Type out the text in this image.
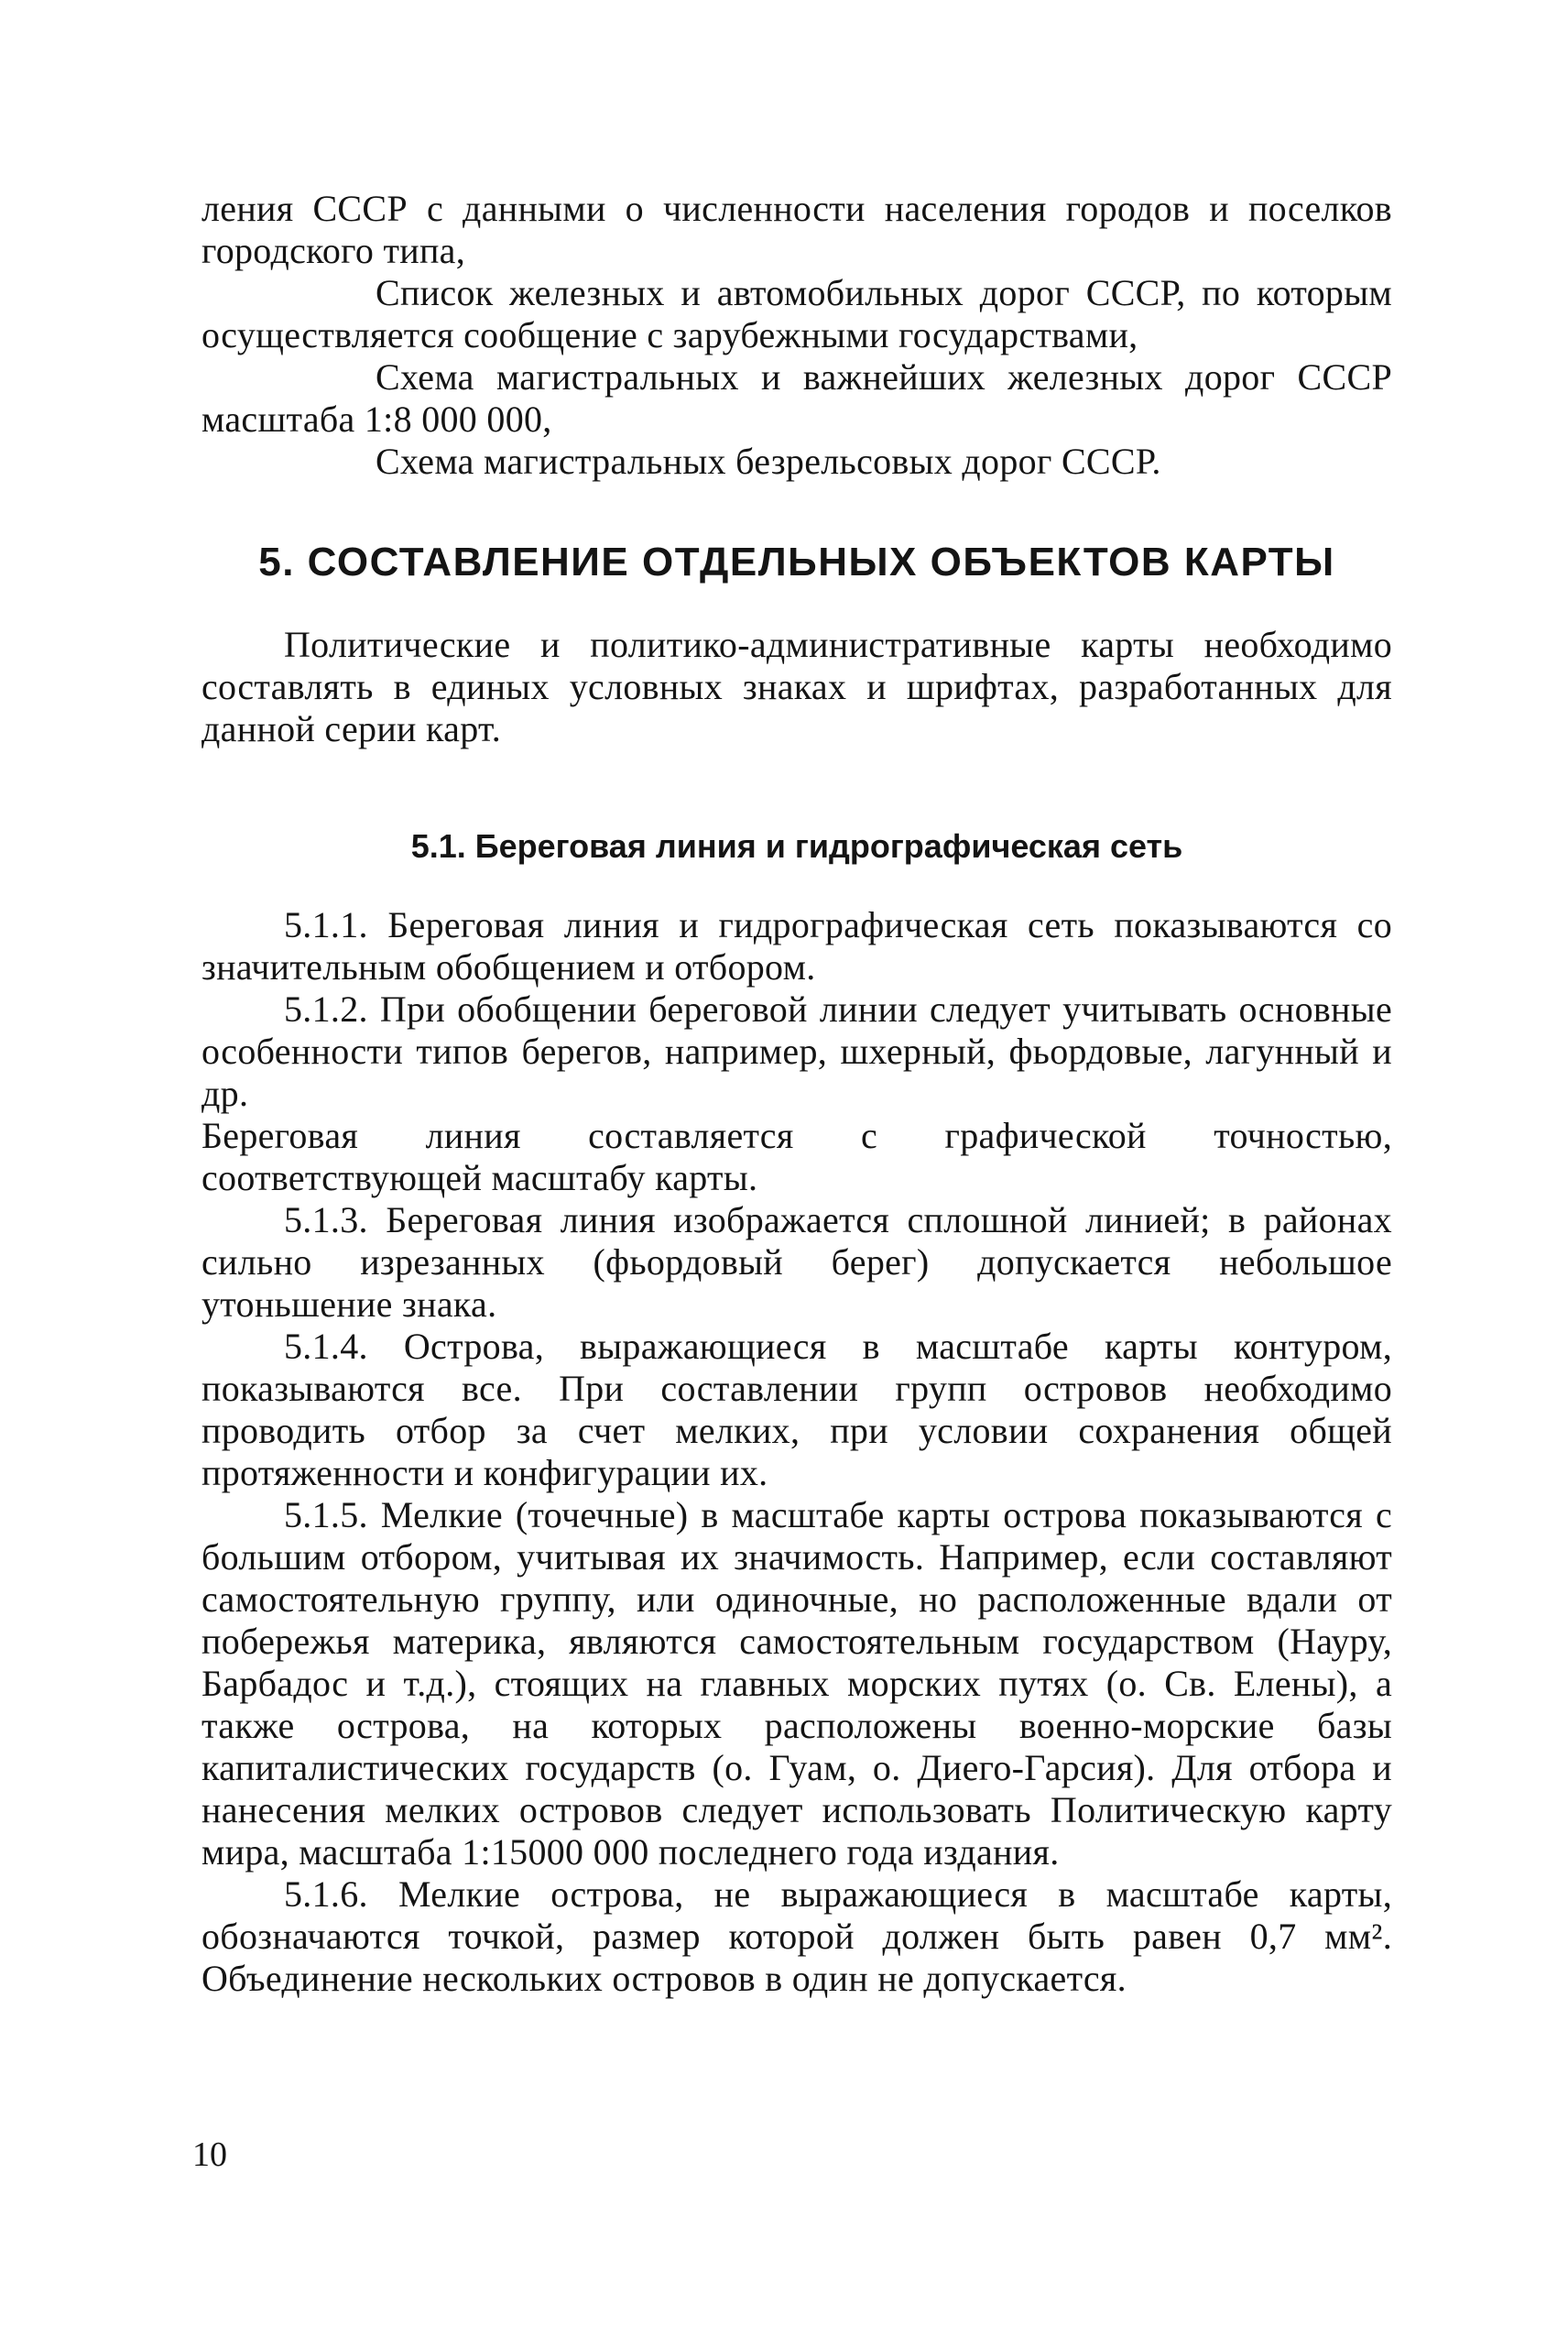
ления СССР с данными о численности населения городов и поселков городского типа,

Список железных и автомобильных дорог СССР, по которым осуществляется сообщение с зарубежными государствами,

Схема магистральных и важнейших железных дорог СССР масштаба 1:8 000 000,

Схема магистральных безрельсовых дорог СССР.

5. СОСТАВЛЕНИЕ ОТДЕЛЬНЫХ ОБЪЕКТОВ КАРТЫ

Политические и политико-административные карты необходимо составлять в единых условных знаках и шрифтах, разработанных для данной серии карт.

5.1. Береговая линия и гидрографическая сеть

5.1.1. Береговая линия и гидрографическая сеть показываются со значительным обобщением и отбором.

5.1.2. При обобщении береговой линии следует учитывать основные особенности типов берегов, например, шхерный, фьордовые, лагунный и др.

Береговая линия составляется с графической точностью, соответствующей масштабу карты.

5.1.3. Береговая линия изображается сплошной линией; в районах сильно изрезанных (фьордовый берег) допускается небольшое утоньшение знака.

5.1.4. Острова, выражающиеся в масштабе карты контуром, показываются все. При составлении групп островов необходимо проводить отбор за счет мелких, при условии сохранения общей протяженности и конфигурации их.

5.1.5. Мелкие (точечные) в масштабе карты острова показываются с большим отбором, учитывая их значимость. Например, если составляют самостоятельную группу, или одиночные, но расположенные вдали от побережья материка, являются самостоятельным государством (Науру, Барбадос и т.д.), стоящих на главных морских путях (о. Св. Елены), а также острова, на которых расположены военно-морские базы капиталистических государств (о. Гуам, о. Диего-Гарсия). Для отбора и нанесения мелких островов следует использовать Политическую карту мира, масштаба 1:15000 000 последнего года издания.

5.1.6. Мелкие острова, не выражающиеся в масштабе карты, обозначаются точкой, размер которой должен быть равен 0,7 мм². Объединение нескольких островов в один не допускается.

10
